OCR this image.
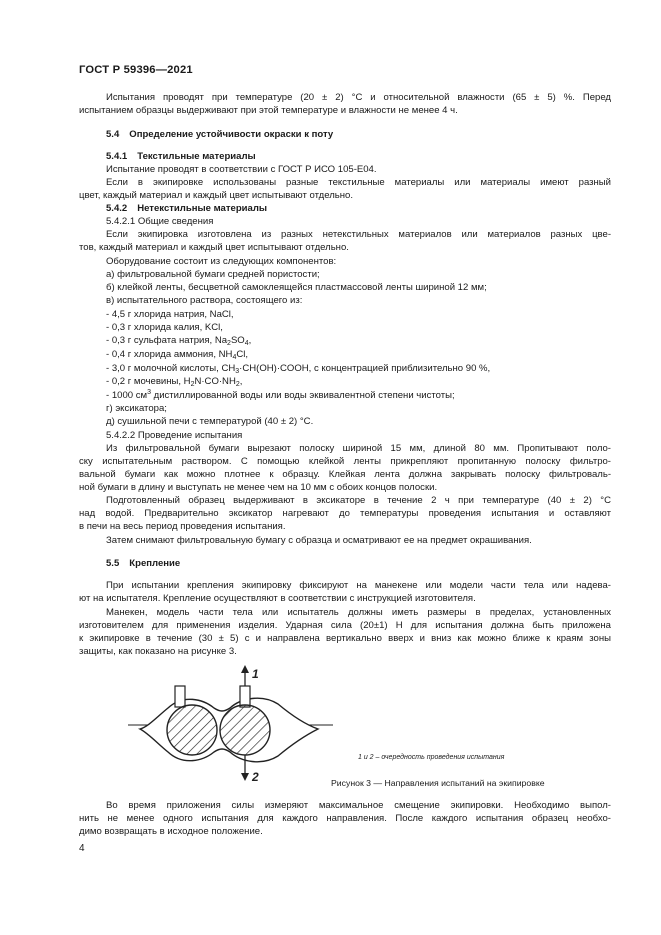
ГОСТ Р 59396—2021
Испытания проводят при температуре (20 ± 2) °С и относительной влажности (65 ± 5) %. Перед
испытанием образцы выдерживают при этой температуре и влажности не менее 4 ч.
5.4 Определение устойчивости окраски к поту
5.4.1 Текстильные материалы
Испытание проводят в соответствии с ГОСТ Р ИСО 105-Е04.
Если в экипировке использованы разные текстильные материалы или материалы имеют разный
цвет, каждый материал и каждый цвет испытывают отдельно.
5.4.2 Нетекстильные материалы
5.4.2.1 Общие сведения
Если экипировка изготовлена из разных нетекстильных материалов или материалов разных цве-
тов, каждый материал и каждый цвет испытывают отдельно.
Оборудование состоит из следующих компонентов:
а) фильтровальной бумаги средней пористости;
б) клейкой ленты, бесцветной самоклеящейся пластмассовой ленты шириной 12 мм;
в) испытательного раствора, состоящего из:
- 4,5 г хлорида натрия, NaCl,
- 0,3 г хлорида калия, KCl,
- 0,3 г сульфата натрия, $Na_2SO_4$,
- 0,4 г хлорида аммония, $NH_4Cl$,
- 3,0 г молочной кислоты, $CH_3\cdot CH(OH)\cdot COOH$, с концентрацией приблизительно 90 %,
- 0,2 г мочевины, $H_2N\cdot CO\cdot NH_2$,
- 1000 $см^3$ дистиллированной воды или воды эквивалентной степени чистоты;
г) эксикатора;
д) сушильной печи с температурой (40 ± 2) °С.
5.4.2.2 Проведение испытания
Из фильтровальной бумаги вырезают полоску шириной 15 мм, длиной 80 мм. Пропитывают поло-
ску испытательным раствором. С помощью клейкой ленты прикрепляют пропитанную полоску фильтро-
вальной бумаги как можно плотнее к образцу. Клейкая лента должна закрывать полоску фильтроваль-
ной бумаги в длину и выступать не менее чем на 10 мм с обоих концов полоски.
Подготовленный образец выдерживают в эксикаторе в течение 2 ч при температуре (40 ± 2) °С
над водой. Предварительно эксикатор нагревают до температуры проведения испытания и оставляют
в печи на весь период проведения испытания.
Затем снимают фильтровальную бумагу с образца и осматривают ее на предмет окрашивания.
5.5 Крепление
При испытании крепления экипировку фиксируют на манекене или модели части тела или надева-
ют на испытателя. Крепление осуществляют в соответствии с инструкцией изготовителя.
Манекен, модель части тела или испытатель должны иметь размеры в пределах, установленных
изготовителем для применения изделия. Ударная сила (20±1) Н для испытания должна быть приложена
к экипировке в течение (30 ± 5) с и направлена вертикально вверх и вниз как можно ближе к краям зоны
защиты, как показано на рисунке 3.
1
2
1 и 2 – очередность проведения испытания
Рисунок 3 — Направления испытаний на экипировке
Во время приложения силы измеряют максимальное смещение экипировки. Необходимо выпол-
нить не менее одного испытания для каждого направления. После каждого испытания образец необхо-
димо возвращать в исходное положение.
4
